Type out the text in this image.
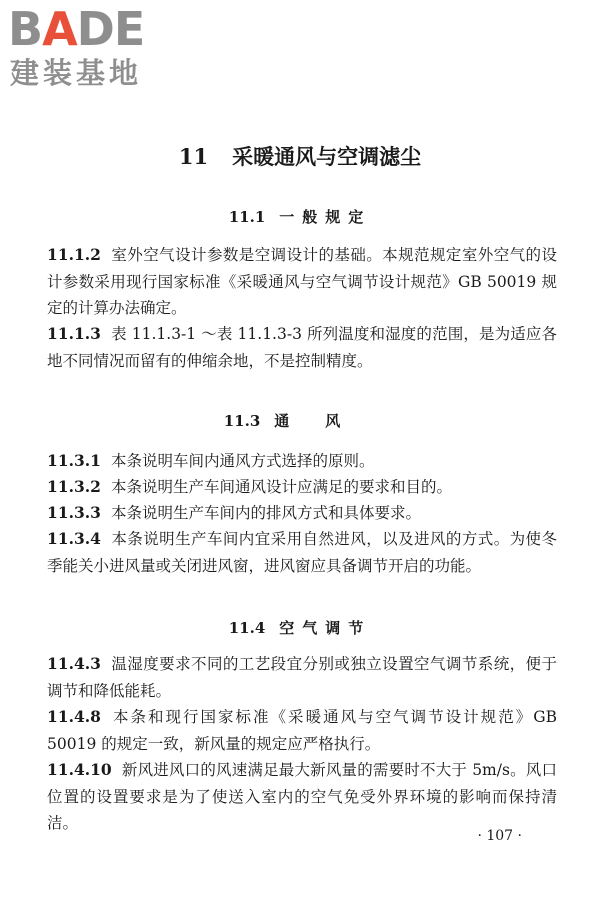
BADE
建装基地
11 采暖通风与空调滤尘
11.1 一般规定
11.1.2 室外空气设计参数是空调设计的基础。本规范规定室外空气的设计参数采用现行国家标准《采暖通风与空气调节设计规范》GB 50019 规定的计算办法确定。
11.1.3 表 11.1.3-1 ～表 11.1.3-3 所列温度和湿度的范围，是为适应各地不同情况而留有的伸缩余地，不是控制精度。
11.3 通风
11.3.1 本条说明车间内通风方式选择的原则。
11.3.2 本条说明生产车间通风设计应满足的要求和目的。
11.3.3 本条说明生产车间内的排风方式和具体要求。
11.3.4 本条说明生产车间内宜采用自然进风，以及进风的方式。为使冬季能关小进风量或关闭进风窗，进风窗应具备调节开启的功能。
11.4 空气调节
11.4.3 温湿度要求不同的工艺段宜分别或独立设置空气调节系统，便于调节和降低能耗。
11.4.8 本条和现行国家标准《采暖通风与空气调节设计规范》GB 50019 的规定一致，新风量的规定应严格执行。
11.4.10 新风进风口的风速满足最大新风量的需要时不大于 5m/s。风口位置的设置要求是为了使送入室内的空气免受外界环境的影响而保持清洁。
· 107 ·
